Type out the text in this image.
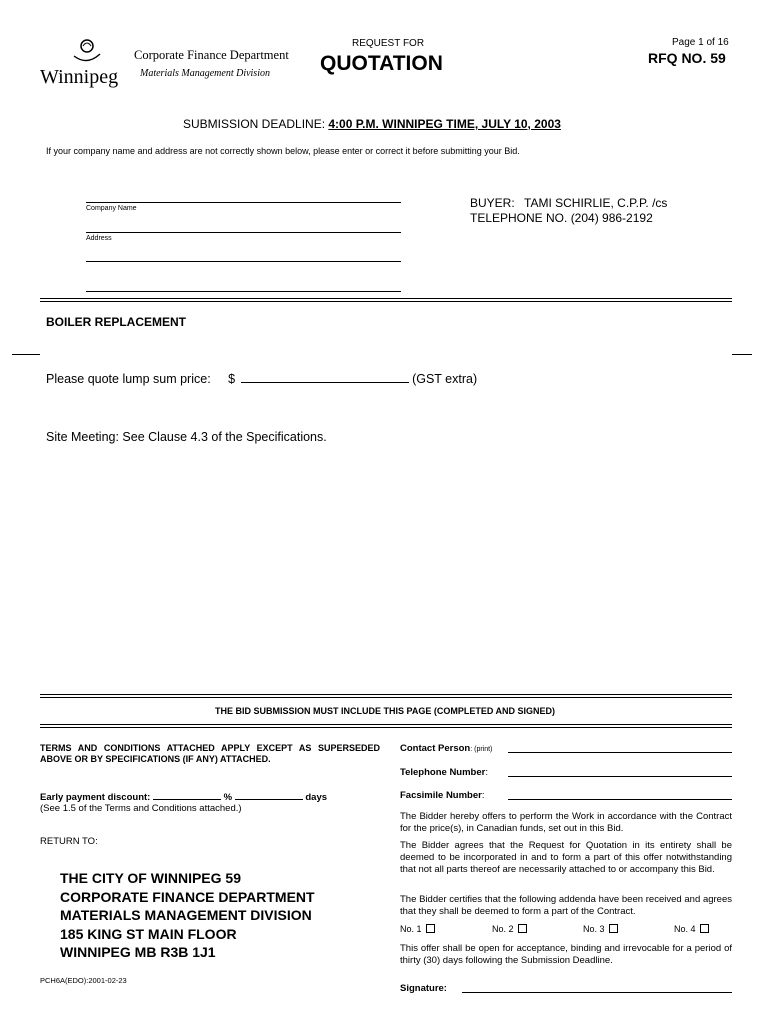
Winnipeg
Corporate Finance Department
Materials Management Division
REQUEST FOR
QUOTATION
Page 1 of 16
RFQ NO. 59
SUBMISSION DEADLINE: 4:00 P.M. WINNIPEG TIME, JULY 10, 2003
If your company name and address are not correctly shown below, please enter or correct it before submitting your Bid.
Company Name
Address
BUYER: TAMI SCHIRLIE, C.P.P. /cs
TELEPHONE NO. (204) 986-2192
BOILER REPLACEMENT
Please quote lump sum price: $	(GST extra)
Site Meeting: See Clause 4.3 of the Specifications.
THE BID SUBMISSION MUST INCLUDE THIS PAGE (COMPLETED AND SIGNED)
TERMS AND CONDITIONS ATTACHED APPLY EXCEPT AS SUPERSEDED ABOVE OR BY SPECIFICATIONS (IF ANY) ATTACHED.
Early payment discount:	%	days
(See 1.5 of the Terms and Conditions attached.)
RETURN TO:
THE CITY OF WINNIPEG 59
CORPORATE FINANCE DEPARTMENT
MATERIALS MANAGEMENT DIVISION
185 KING ST MAIN FLOOR
WINNIPEG MB R3B 1J1
PCH6A(EDO):2001-02-23
Contact Person: (print)
Telephone Number:
Facsimile Number:
The Bidder hereby offers to perform the Work in accordance with the Contract for the price(s), in Canadian funds, set out in this Bid.
The Bidder agrees that the Request for Quotation in its entirety shall be deemed to be incorporated in and to form a part of this offer notwithstanding that not all parts thereof are necessarily attached to or accompany this Bid.
The Bidder certifies that the following addenda have been received and agrees that they shall be deemed to form a part of the Contract.
No. 1	No. 2	No. 3	No. 4
This offer shall be open for acceptance, binding and irrevocable for a period of thirty (30) days following the Submission Deadline.
Signature:
